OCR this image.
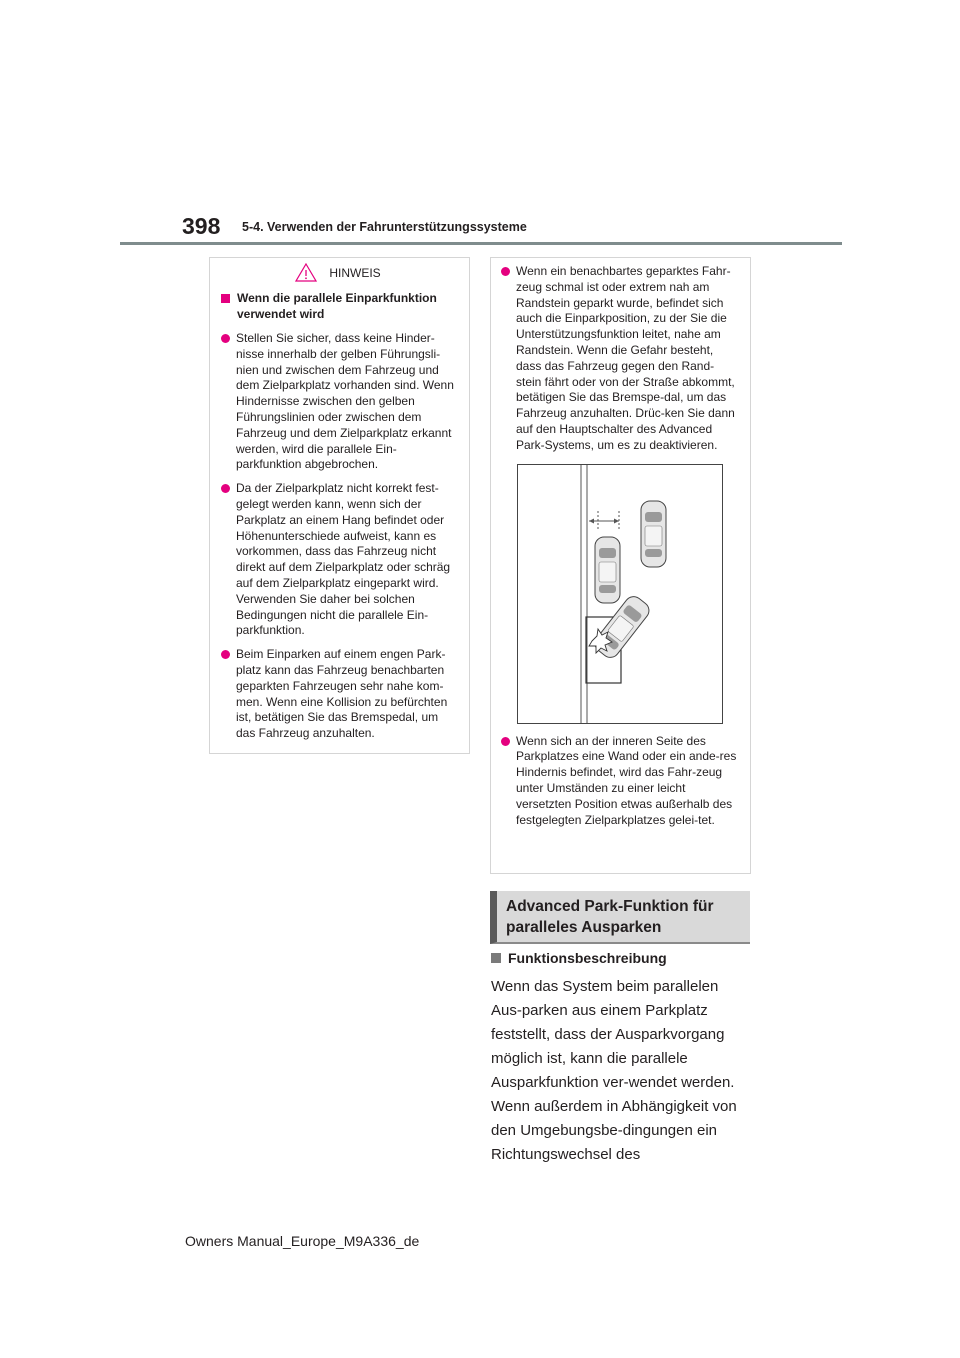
398 5-4. Verwenden der Fahrunterstützungssysteme
HINWEIS
Wenn die parallele Einparkfunktion verwendet wird
Stellen Sie sicher, dass keine Hinder-nisse innerhalb der gelben Führungsli-nien und zwischen dem Fahrzeug und dem Zielparkplatz vorhanden sind. Wenn Hindernisse zwischen den gelben Führungslinien oder zwischen dem Fahrzeug und dem Zielparkplatz erkannt werden, wird die parallele Ein-parkfunktion abgebrochen.
Da der Zielparkplatz nicht korrekt fest-gelegt werden kann, wenn sich der Parkplatz an einem Hang befindet oder Höhenunterschiede aufweist, kann es vorkommen, dass das Fahrzeug nicht direkt auf dem Zielparkplatz oder schräg auf dem Zielparkplatz eingeparkt wird. Verwenden Sie daher bei solchen Bedingungen nicht die parallele Ein-parkfunktion.
Beim Einparken auf einem engen Park-platz kann das Fahrzeug benachbarten geparkten Fahrzeugen sehr nahe kom-men. Wenn eine Kollision zu befürchten ist, betätigen Sie das Bremspedal, um das Fahrzeug anzuhalten.
Wenn ein benachbartes geparktes Fahr-zeug schmal ist oder extrem nah am Randstein geparkt wurde, befindet sich auch die Einparkposition, zu der Sie die Unterstützungsfunktion leitet, nahe am Randstein. Wenn die Gefahr besteht, dass das Fahrzeug gegen den Rand-stein fährt oder von der Straße abkommt, betätigen Sie das Bremspe-dal, um das Fahrzeug anzuhalten. Drüc-ken Sie dann auf den Hauptschalter des Advanced Park-Systems, um es zu deaktivieren.
Wenn sich an der inneren Seite des Parkplatzes eine Wand oder ein ande-res Hindernis befindet, wird das Fahr-zeug unter Umständen zu einer leicht versetzten Position etwas außerhalb des festgelegten Zielparkplatzes gelei-tet.
Advanced Park-Funktion für paralleles Ausparken
Funktionsbeschreibung
Wenn das System beim parallelen Aus-parken aus einem Parkplatz feststellt, dass der Ausparkvorgang möglich ist, kann die parallele Ausparkfunktion ver-wendet werden. Wenn außerdem in Abhängigkeit von den Umgebungsbe-dingungen ein Richtungswechsel des
Owners Manual_Europe_M9A336_de
